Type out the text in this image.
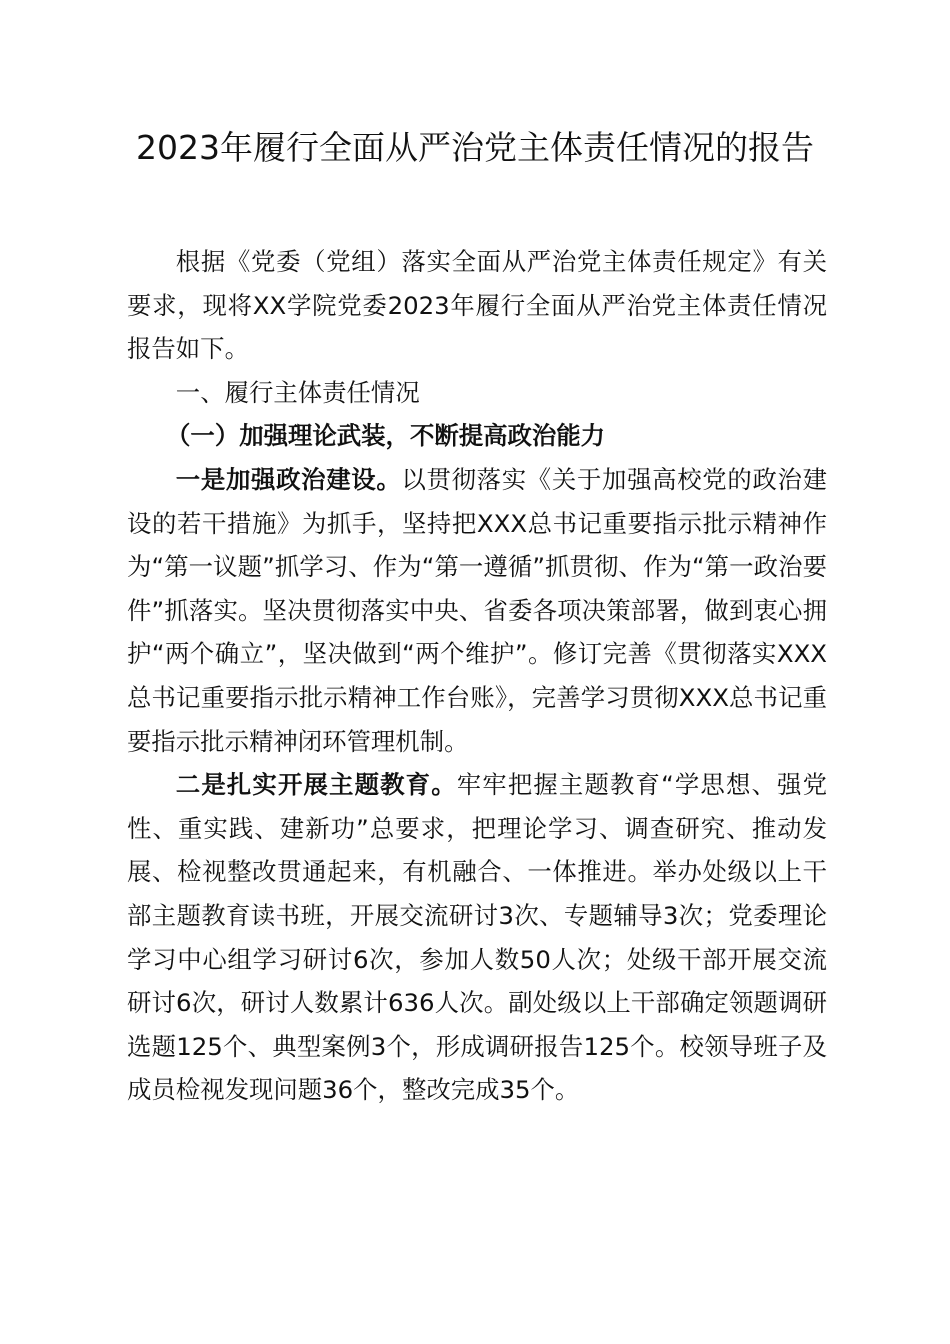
2023年履行全面从严治党主体责任情况的报告

根据《党委（党组）落实全面从严治党主体责任规定》有关要求，现将XX学院党委2023年履行全面从严治党主体责任情况报告如下。

一、履行主体责任情况
（一）加强理论武装，不断提高政治能力

一是加强政治建设。以贯彻落实《关于加强高校党的政治建设的若干措施》为抓手，坚持把XXX总书记重要指示批示精神作为“第一议题”抓学习、作为“第一遵循”抓贯彻、作为“第一政治要件”抓落实。坚决贯彻落实中央、省委各项决策部署，做到衷心拥护“两个确立”，坚决做到“两个维护”。修订完善《贯彻落实XXX总书记重要指示批示精神工作台账》，完善学习贯彻XXX总书记重要指示批示精神闭环管理机制。

二是扎实开展主题教育。牢牢把握主题教育“学思想、强党性、重实践、建新功”总要求，把理论学习、调查研究、推动发展、检视整改贯通起来，有机融合、一体推进。举办处级以上干部主题教育读书班，开展交流研讨3次、专题辅导3次；党委理论学习中心组学习研讨6次，参加人数50人次；处级干部开展交流研讨6次，研讨人数累计636人次。副处级以上干部确定领题调研选题125个、典型案例3个，形成调研报告125个。校领导班子及成员检视发现问题36个，整改完成35个。
